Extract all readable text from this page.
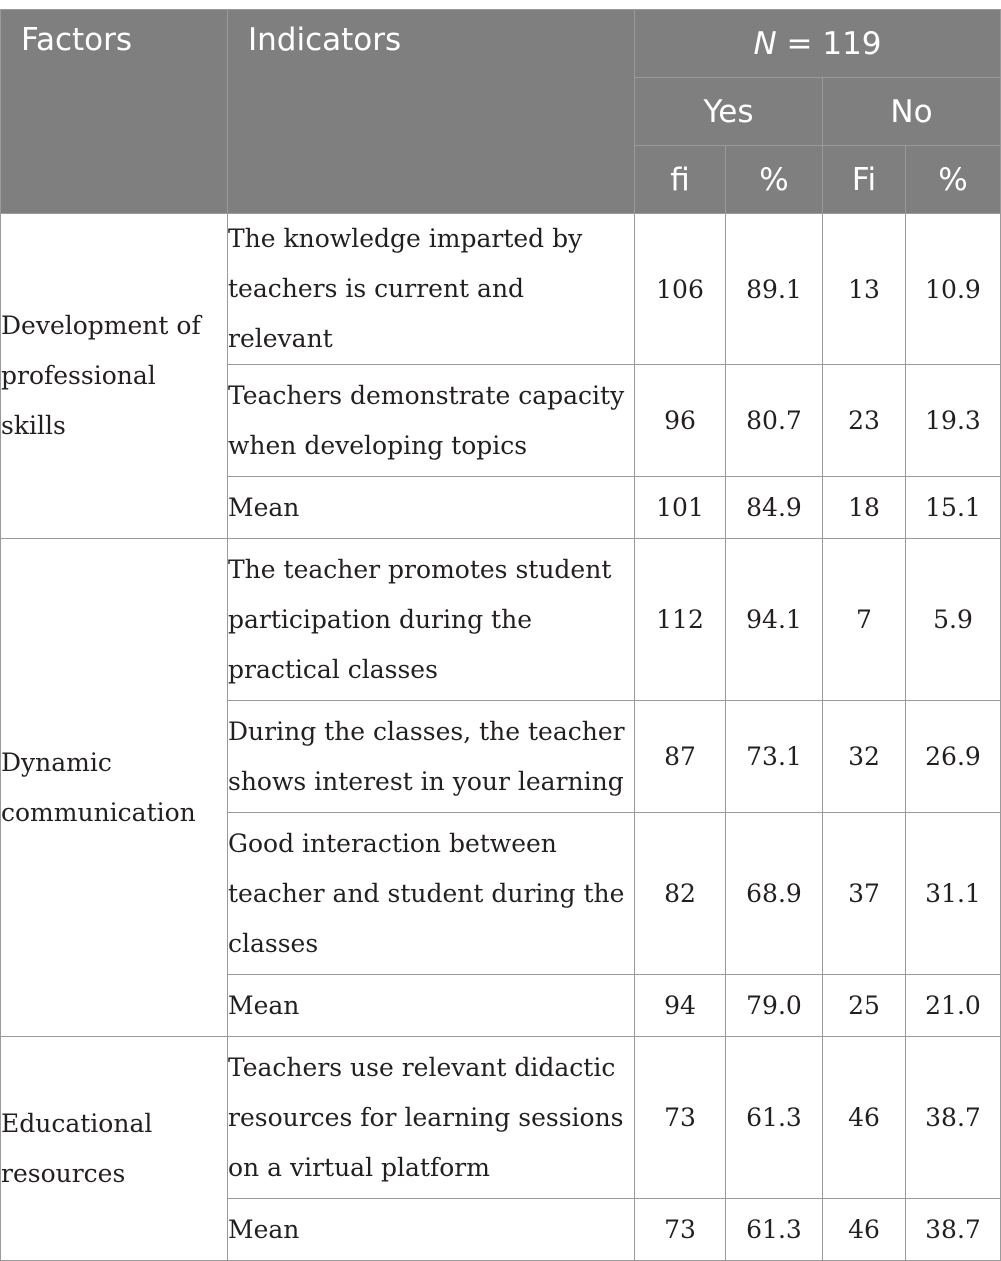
Factors	Indicators	N = 119			
		Yes		No	
		fi	%	Fi	%
Development of professional skills	The knowledge imparted by teachers is current and relevant	106	89.1	13	10.9
	Teachers demonstrate capacity when developing topics	96	80.7	23	19.3
	Mean	101	84.9	18	15.1
Dynamic communication	The teacher promotes student participation during the practical classes	112	94.1	7	5.9
	During the classes, the teacher shows interest in your learning	87	73.1	32	26.9
	Good interaction between teacher and student during the classes	82	68.9	37	31.1
	Mean	94	79.0	25	21.0
Educational resources	Teachers use relevant didactic resources for learning sessions on a virtual platform	73	61.3	46	38.7
	Mean	73	61.3	46	38.7
